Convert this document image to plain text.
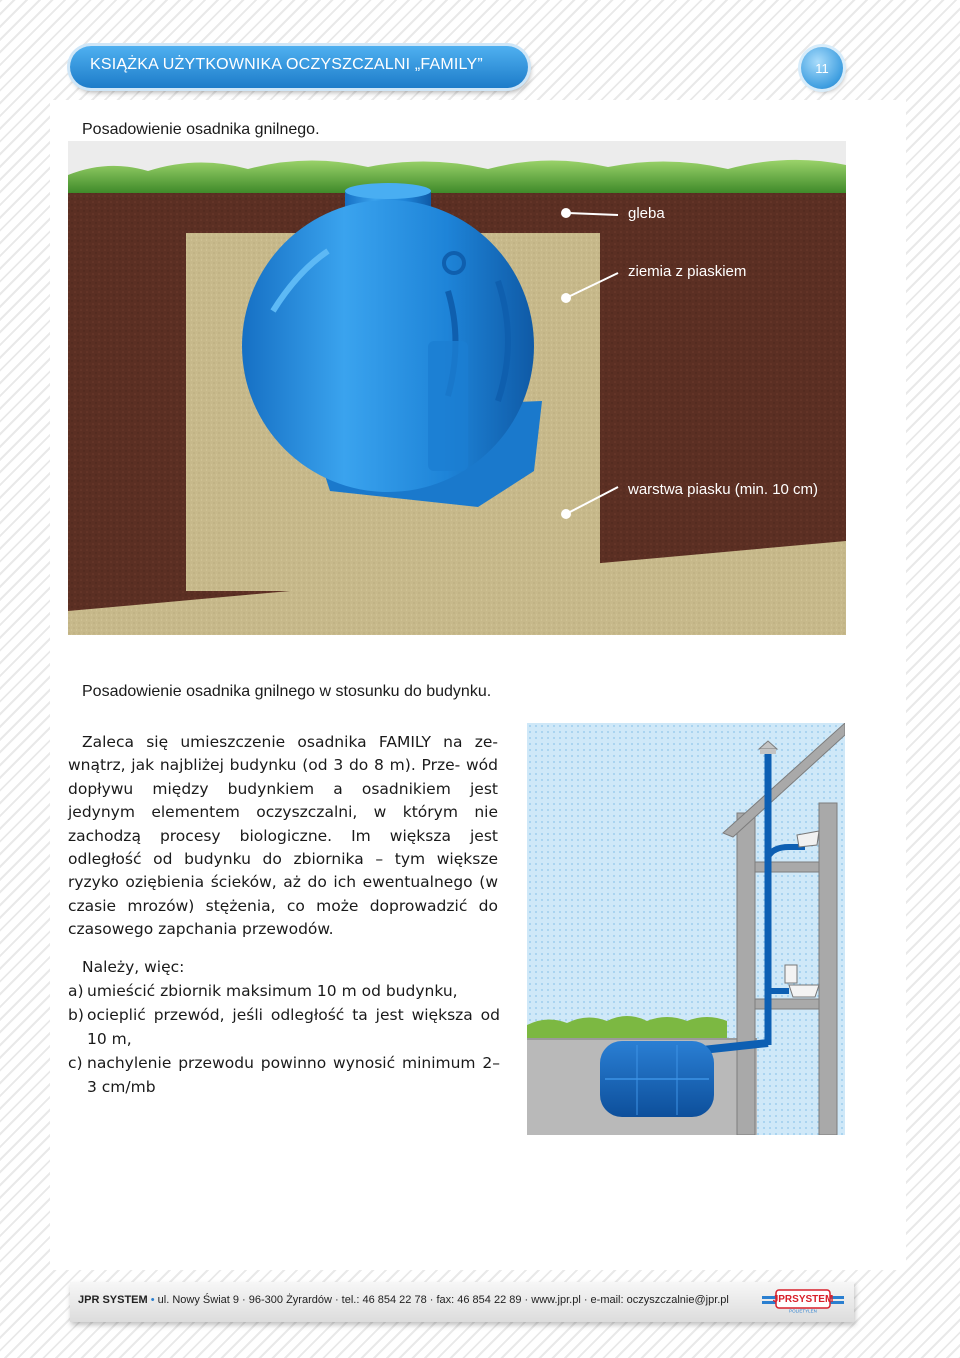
KSIĄŻKA UŻYTKOWNIKA OCZYSZCZALNI „FAMILY”	11
Posadowienie osadnika gnilnego.
gleba
ziemia z piaskiem
warstwa piasku (min. 10 cm)
Posadowienie osadnika gnilnego w stosunku do budynku.

Zaleca się umieszczenie osadnika FAMILY na ze- wnątrz, jak najbliżej budynku (od 3 do 8 m). Prze- wód dopływu między budynkiem a osadnikiem jest jedynym elementem oczyszczalni, w którym nie zachodzą procesy biologiczne. Im większa jest odległość od budynku do zbiornika – tym większe ryzyko oziębienia ścieków, aż do ich ewentualnego (w czasie mrozów) stężenia, co może doprowadzić do czasowego zapchania przewodów.

Należy, więc:
a) umieścić zbiornik maksimum 10 m od budynku,
b) ocieplić przewód, jeśli odległość ta jest większa od 10 m,
c) nachylenie przewodu powinno wynosić minimum 2–3 cm/mb
JPR SYSTEM • ul. Nowy Świat 9 · 96-300 Żyrardów · tel.: 46 854 22 78 · fax: 46 854 22 89 · www.jpr.pl · e-mail: oczyszczalnie@jpr.pl	JPRSYSTEM
POLIETYLEN
